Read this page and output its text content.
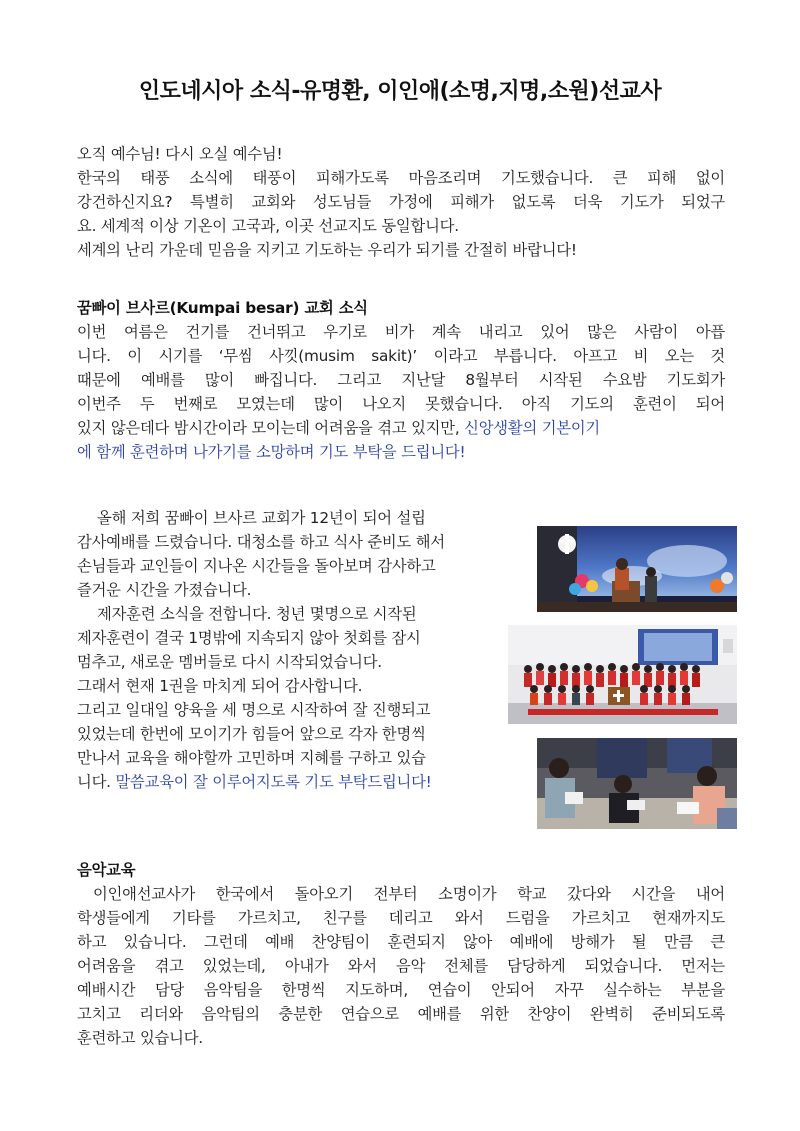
인도네시아 소식-유명환, 이인애(소명,지명,소원)선교사
오직 예수님! 다시 오실 예수님!
한국의 태풍 소식에 태풍이 피해가도록 마음조리며 기도했습니다. 큰 피해 없이
강건하신지요? 특별히 교회와 성도님들 가정에 피해가 없도록 더욱 기도가 되었구
요. 세계적 이상 기온이 고국과, 이곳 선교지도 동일합니다.
세계의 난리 가운데 믿음을 지키고 기도하는 우리가 되기를 간절히 바랍니다!
꿈빠이 브사르(Kumpai besar) 교회 소식
이번 여름은 건기를 건너뛰고 우기로 비가 계속 내리고 있어 많은 사람이 아픕
니다. 이 시기를 ‘무씸 사낏(musim sakit)’ 이라고 부릅니다. 아프고 비 오는 것
때문에 예배를 많이 빠집니다. 그리고 지난달 8월부터 시작된 수요밤 기도회가
이번주 두 번째로 모였는데 많이 나오지 못했습니다. 아직 기도의 훈련이 되어
있지 않은데다 밤시간이라 모이는데 어려움을 겪고 있지만, 신앙생활의 기본이기
에 함께 훈련하며 나가기를 소망하며 기도 부탁을 드립니다!
올해 저희 꿈빠이 브사르 교회가 12년이 되어 설립
감사예배를 드렸습니다. 대청소를 하고 식사 준비도 해서
손님들과 교인들이 지나온 시간들을 돌아보며 감사하고
즐거운 시간을 가졌습니다.
제자훈련 소식을 전합니다. 청년 몇명으로 시작된
제자훈련이 결국 1명밖에 지속되지 않아 첫회를 잠시
멈추고, 새로운 멤버들로 다시 시작되었습니다.
그래서 현재 1권을 마치게 되어 감사합니다.
그리고 일대일 양육을 세 명으로 시작하여 잘 진행되고
있었는데 한번에 모이기가 힘들어 앞으로 각자 한명씩
만나서 교육을 해야할까 고민하며 지혜를 구하고 있습
니다. 말씀교육이 잘 이루어지도록 기도 부탁드립니다!
음악교육
이인애선교사가 한국에서 돌아오기 전부터 소명이가 학교 갔다와 시간을 내어
학생들에게 기타를 가르치고, 친구를 데리고 와서 드럼을 가르치고 현재까지도
하고 있습니다. 그런데 예배 찬양팀이 훈련되지 않아 예배에 방해가 될 만큼 큰
어려움을 겪고 있었는데, 아내가 와서 음악 전체를 담당하게 되었습니다. 먼저는
예배시간 담당 음악팀을 한명씩 지도하며, 연습이 안되어 자꾸 실수하는 부분을
고치고 리더와 음악팀의 충분한 연습으로 예배를 위한 찬양이 완벽히 준비되도록
훈련하고 있습니다.
